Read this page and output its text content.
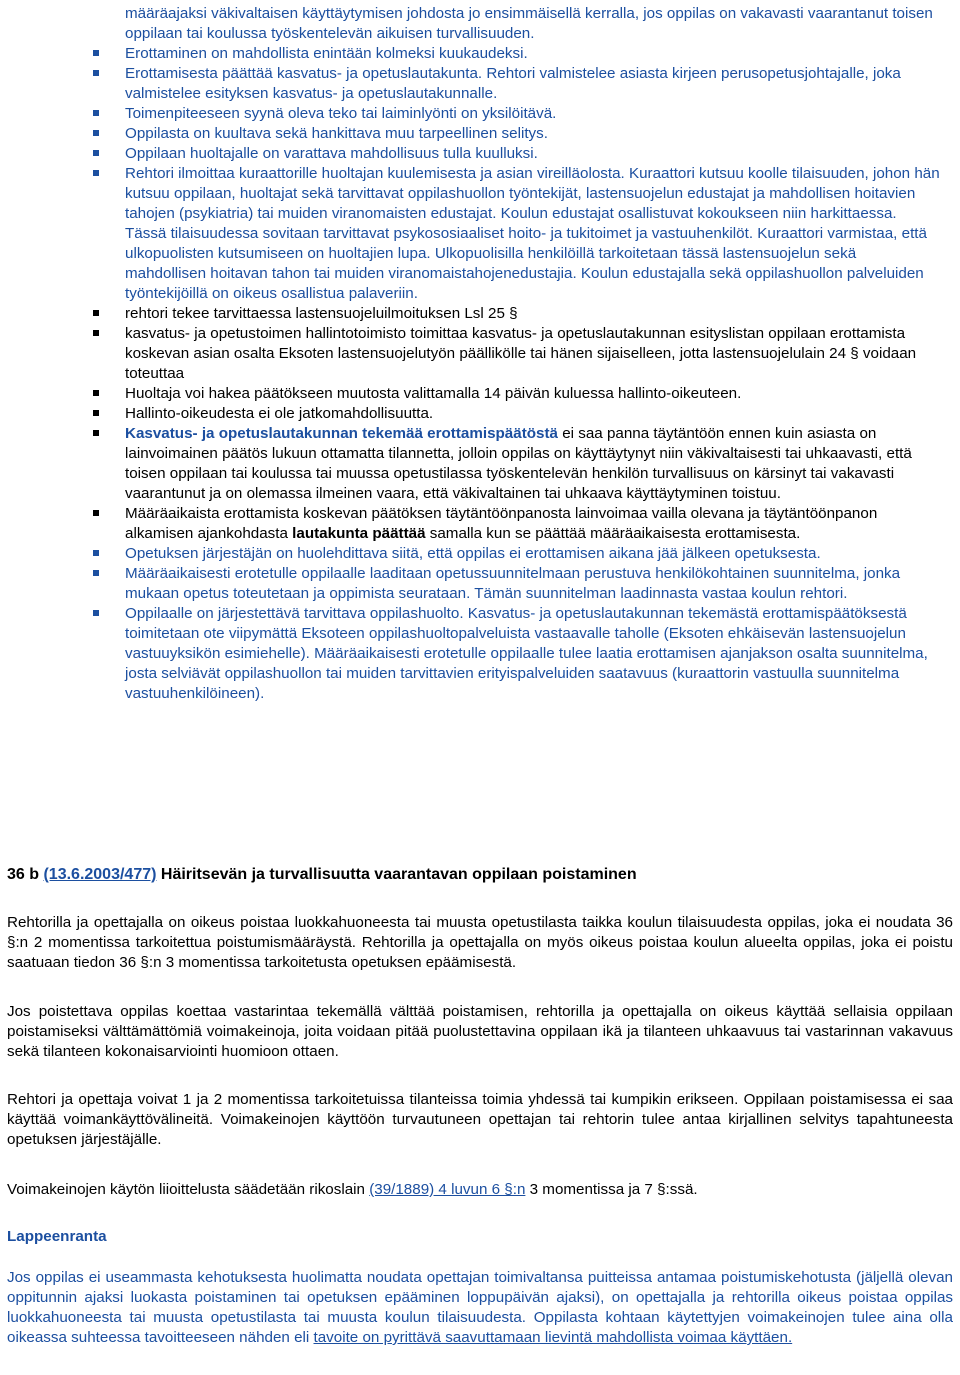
määräajaksi väkivaltaisen käyttäytymisen johdosta jo ensimmäisellä kerralla, jos oppilas on vakavasti vaarantanut toisen oppilaan tai koulussa työskentelevän aikuisen turvallisuuden.
Erottaminen on mahdollista enintään kolmeksi kuukaudeksi.
Erottamisesta päättää kasvatus- ja opetuslautakunta. Rehtori valmistelee asiasta kirjeen perusopetusjohtajalle, joka valmistelee esityksen kasvatus- ja opetuslautakunnalle.
Toimenpiteeseen syynä oleva teko tai laiminlyönti on yksilöitävä.
Oppilasta on kuultava sekä hankittava muu tarpeellinen selitys.
Oppilaan huoltajalle on varattava mahdollisuus tulla kuulluksi.
Rehtori ilmoittaa kuraattorille huoltajan kuulemisesta ja asian vireilläolosta. Kuraattori kutsuu koolle tilaisuuden, johon hän kutsuu oppilaan, huoltajat sekä tarvittavat oppilashuollon työntekijät, lastensuojelun edustajat ja mahdollisen hoitavien tahojen (psykiatria) tai muiden viranomaisten edustajat. Koulun edustajat osallistuvat kokoukseen niin harkittaessa. Tässä tilaisuudessa sovitaan tarvittavat psykososiaaliset hoito- ja tukitoimet ja vastuuhenkilöt. Kuraattori varmistaa, että ulkopuolisten kutsumiseen on huoltajien lupa. Ulkopuolisilla henkilöillä tarkoitetaan tässä lastensuojelun sekä mahdollisen hoitavan tahon tai muiden viranomaistahojenedustajia. Koulun edustajalla sekä oppilashuollon palveluiden työntekijöillä on oikeus osallistua palaveriin.
rehtori tekee tarvittaessa lastensuojeluilmoituksen Lsl 25 §
kasvatus- ja opetustoimen hallintotoimisto toimittaa kasvatus- ja opetuslautakunnan esityslistan oppilaan erottamista koskevan asian osalta Eksoten lastensuojelutyön päällikölle tai hänen sijaiselleen, jotta lastensuojelulain 24 § voidaan toteuttaa
Huoltaja voi hakea päätökseen muutosta valittamalla 14 päivän kuluessa hallinto-oikeuteen.
Hallinto-oikeudesta ei ole jatkomahdollisuutta.
Kasvatus- ja opetuslautakunnan tekemää erottamispäätöstä ei saa panna täytäntöön ennen kuin asiasta on lainvoimainen päätös lukuun ottamatta tilannetta, jolloin oppilas on käyttäytynyt niin väkivaltaisesti tai uhkaavasti, että toisen oppilaan tai koulussa tai muussa opetustilassa työskentelevän henkilön turvallisuus on kärsinyt tai vakavasti vaarantunut ja on olemassa ilmeinen vaara, että väkivaltainen tai uhkaava käyttäytyminen toistuu.
Määräaikaista erottamista koskevan päätöksen täytäntöönpanosta lainvoimaa vailla olevana ja täytäntöönpanon alkamisen ajankohdasta lautakunta päättää samalla kun se päättää määräaikaisesta erottamisesta.
Opetuksen järjestäjän on huolehdittava siitä, että oppilas ei erottamisen aikana jää jälkeen opetuksesta.
Määräaikaisesti erotetulle oppilaalle laaditaan opetussuunnitelmaan perustuva henkilökohtainen suunnitelma, jonka mukaan opetus toteutetaan ja oppimista seurataan. Tämän suunnitelman laadinnasta vastaa koulun rehtori.
Oppilaalle on järjestettävä tarvittava oppilashuolto. Kasvatus- ja opetuslautakunnan tekemästä erottamispäätöksestä toimitetaan ote viipymättä Eksoteen oppilashuoltopalveluista vastaavalle taholle (Eksoten ehkäisevän lastensuojelun vastuuyksikön esimiehelle). Määräaikaisesti erotetulle oppilaalle tulee laatia erottamisen ajanjakson osalta suunnitelma, josta selviävät oppilashuollon tai muiden tarvittavien erityispalveluiden saatavuus (kuraattorin vastuulla suunnitelma vastuuhenkilöineen).
36 b (13.6.2003/477) Häiritsevän ja turvallisuutta vaarantavan oppilaan poistaminen
Rehtorilla ja opettajalla on oikeus poistaa luokkahuoneesta tai muusta opetustilasta taikka koulun tilaisuudesta oppilas, joka ei noudata 36 §:n 2 momentissa tarkoitettua poistumismääräystä. Rehtorilla ja opettajalla on myös oikeus poistaa koulun alueelta oppilas, joka ei poistu saatuaan tiedon 36 §:n 3 momentissa tarkoitetusta opetuksen epäämisestä.
Jos poistettava oppilas koettaa vastarintaa tekemällä välttää poistamisen, rehtorilla ja opettajalla on oikeus käyttää sellaisia oppilaan poistamiseksi välttämättömiä voimakeinoja, joita voidaan pitää puolustettavina oppilaan ikä ja tilanteen uhkaavuus tai vastarinnan vakavuus sekä tilanteen kokonaisarviointi huomioon ottaen.
Rehtori ja opettaja voivat 1 ja 2 momentissa tarkoitetuissa tilanteissa toimia yhdessä tai kumpikin erikseen. Oppilaan poistamisessa ei saa käyttää voimankäyttövälineitä. Voimakeinojen käyttöön turvautuneen opettajan tai rehtorin tulee antaa kirjallinen selvitys tapahtuneesta opetuksen järjestäjälle.
Voimakeinojen käytön liioittelusta säädetään rikoslain (39/1889) 4 luvun 6 §:n 3 momentissa ja 7 §:ssä.
Lappeenranta
Jos oppilas ei useammasta kehotuksesta huolimatta noudata opettajan toimivaltansa puitteissa antamaa poistumiskehotusta (jäljellä olevan oppitunnin ajaksi luokasta poistaminen tai opetuksen epääminen loppupäivän ajaksi), on opettajalla ja rehtorilla oikeus poistaa oppilas luokkahuoneesta tai muusta opetustilasta tai muusta koulun tilaisuudesta. Oppilasta kohtaan käytettyjen voimakeinojen tulee aina olla oikeassa suhteessa tavoitteeseen nähden eli tavoite on pyrittävä saavuttamaan lievintä mahdollista voimaa käyttäen.
